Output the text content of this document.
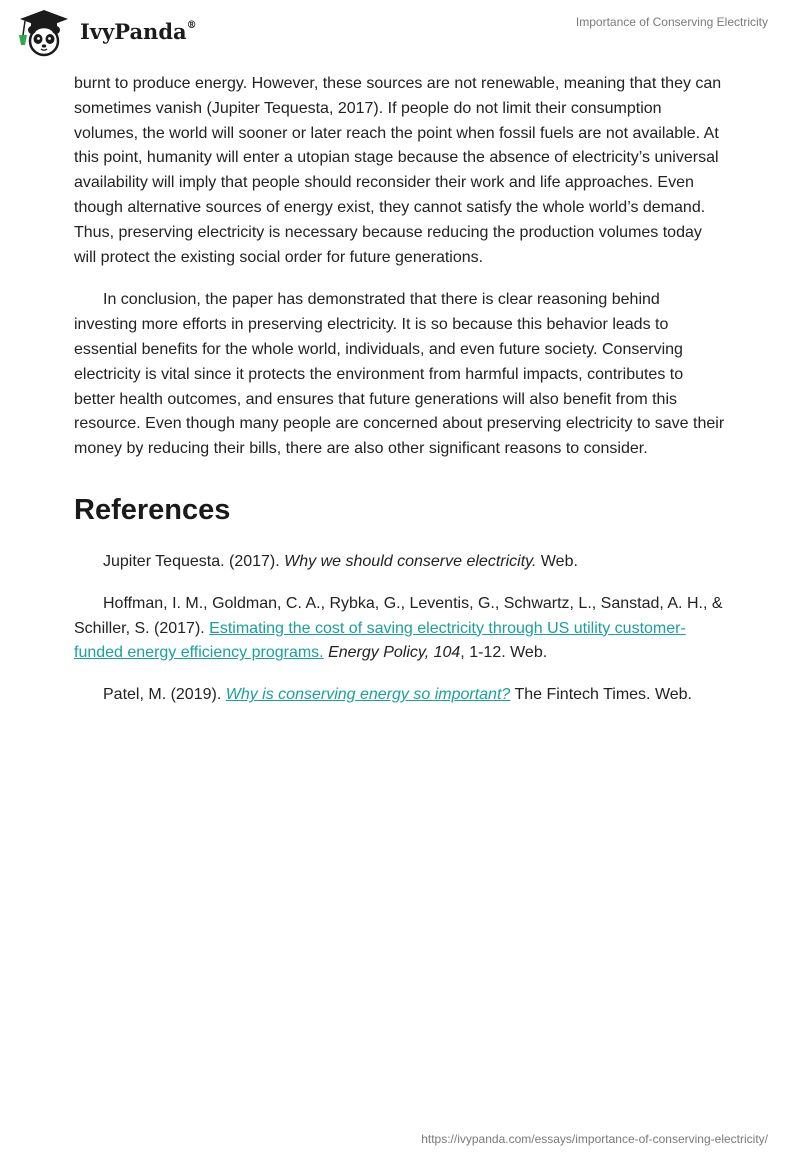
IvyPanda®	Importance of Conserving Electricity

burnt to produce energy. However, these sources are not renewable, meaning that they can sometimes vanish (Jupiter Tequesta, 2017). If people do not limit their consumption volumes, the world will sooner or later reach the point when fossil fuels are not available. At this point, humanity will enter a utopian stage because the absence of electricity’s universal availability will imply that people should reconsider their work and life approaches. Even though alternative sources of energy exist, they cannot satisfy the whole world’s demand. Thus, preserving electricity is necessary because reducing the production volumes today will protect the existing social order for future generations.

In conclusion, the paper has demonstrated that there is clear reasoning behind investing more efforts in preserving electricity. It is so because this behavior leads to essential benefits for the whole world, individuals, and even future society. Conserving electricity is vital since it protects the environment from harmful impacts, contributes to better health outcomes, and ensures that future generations will also benefit from this resource. Even though many people are concerned about preserving electricity to save their money by reducing their bills, there are also other significant reasons to consider.

References

Jupiter Tequesta. (2017). Why we should conserve electricity. Web.

Hoffman, I. M., Goldman, C. A., Rybka, G., Leventis, G., Schwartz, L., Sanstad, A. H., & Schiller, S. (2017). Estimating the cost of saving electricity through US utility customer-funded energy efficiency programs. Energy Policy, 104, 1-12. Web.

Patel, M. (2019). Why is conserving energy so important? The Fintech Times. Web.

https://ivypanda.com/essays/importance-of-conserving-electricity/
